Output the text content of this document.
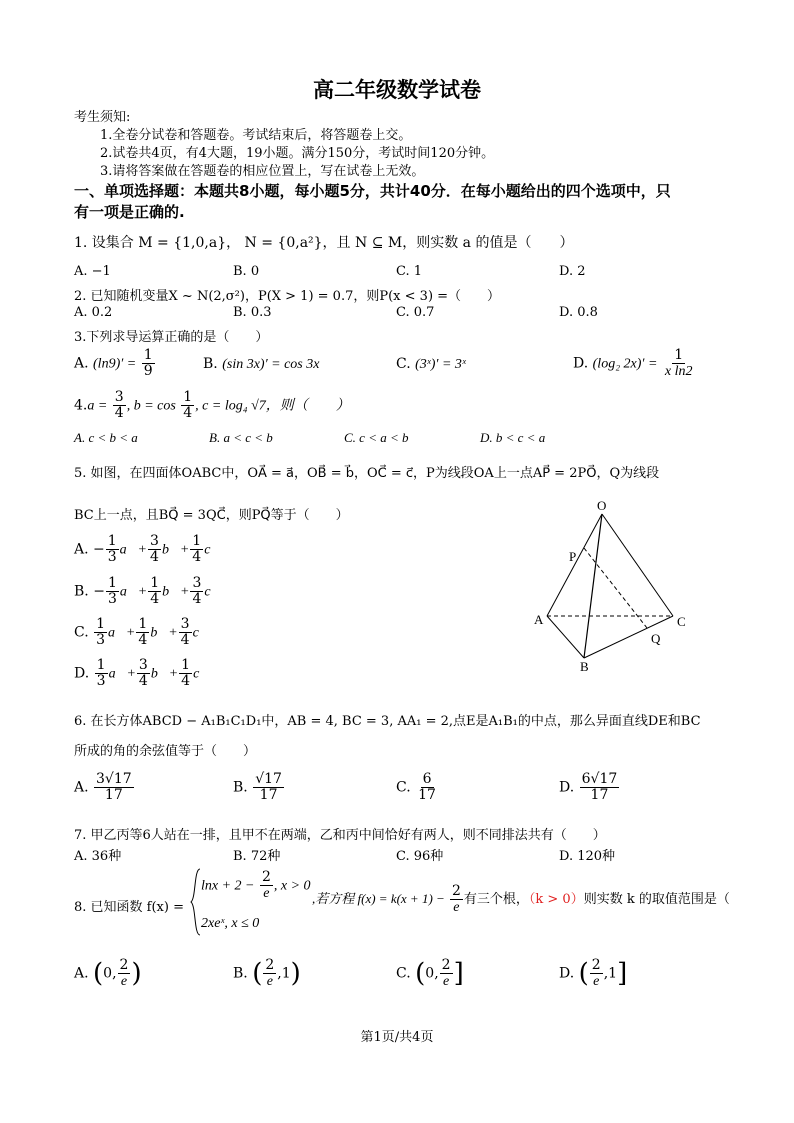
高二年级数学试卷
考生须知:
1.全卷分试卷和答题卷。考试结束后，将答题卷上交。
2.试卷共4页，有4大题，19小题。满分150分，考试时间120分钟。
3.请将答案做在答题卷的相应位置上，写在试卷上无效。
一、单项选择题：本题共8小题，每小题5分，共计40分．在每小题给出的四个选项中，只
有一项是正确的.
1. 设集合 M = {1,0,a}， N = {0,a²}，且 N ⊆ M，则实数 a 的值是（　　）
A. −1	B. 0	C. 1	D. 2
2. 已知随机变量X ~ N(2,σ²)，P(X > 1) = 0.7，则P(x < 3) =（　　）
A. 0.2	B. 0.3	C. 0.7	D. 0.8
3.下列求导运算正确的是（　　）
A. $(\ln 9)' = \frac{1}{9}$	B. (sin 3x)′ = cos 3x	C. (3ˣ)′ = 3ˣ	D. (log₂ $2x)' = \frac{1}{\text{x ln2}}$
$4.a = \frac{3}{4}$ , $b = \cos \frac{1}{4}$ , c = log₄ √7，则（　　）
A. c < b < a	B. a < c < b	C. c < a < b	D. b < c < a
5. 如图，在四面体OABC中，OA⃗ = a⃗，OB⃗ = b⃗，OC⃗ = c⃗，P为线段OA上一点AP⃗ = 2PO⃗，Q为线段
BC上一点，且BQ⃗ = 3QC⃗，则PQ⃗等于（　　）
A. − $\frac{1}{3}$ a⃗+ $\frac{3}{4}$ b⃗+ $\frac{1}{4}$ c⃗
B. − $\frac{1}{3}$ a⃗+ $\frac{1}{4}$ b⃗+ $\frac{3}{4}$ c⃗
C. $\frac{1}{3}$ a⃗+ $\frac{1}{4}$ b⃗+ $\frac{3}{4}$ c⃗
D. $\frac{1}{3}$ a⃗+ $\frac{3}{4}$ b⃗+ $\frac{1}{4}$ c⃗
O
P
A
B
C
Q
6. 在长方体ABCD − A₁B₁C₁D₁中，AB = 4, BC = 3, AA₁ = 2,点E是A₁B₁的中点，那么异面直线DE和BC
所成的角的余弦值等于（　　）
A. $\frac{3√17}{17}$	B. $\frac{√17}{17}$	C. $\frac{6}{17}$	D. $\frac{6√17}{17}$
7. 甲乙丙等6人站在一排，且甲不在两端，乙和丙中间恰好有两人，则不同排法共有（　　）
A. 36种	B. 72种	C. 96种	D. 120种
8. 已知函数 f(x) =
$\ln x + 2 - \frac{2}{e}$ , x > 0
2xeˣ, x ≤ 0
,若方程 $f(x) = k(x + 1) - \frac{2}{e}$ 有三个根，（k > 0）则实数 k 的取值范围是（
A. (0, $\frac{2}{e}$ )	B. ( $\frac{2}{e} ,1$)	C. (0, $\frac{2}{e}$ ]	D. ( $\frac{2}{e} ,1$]
第1页/共4页
